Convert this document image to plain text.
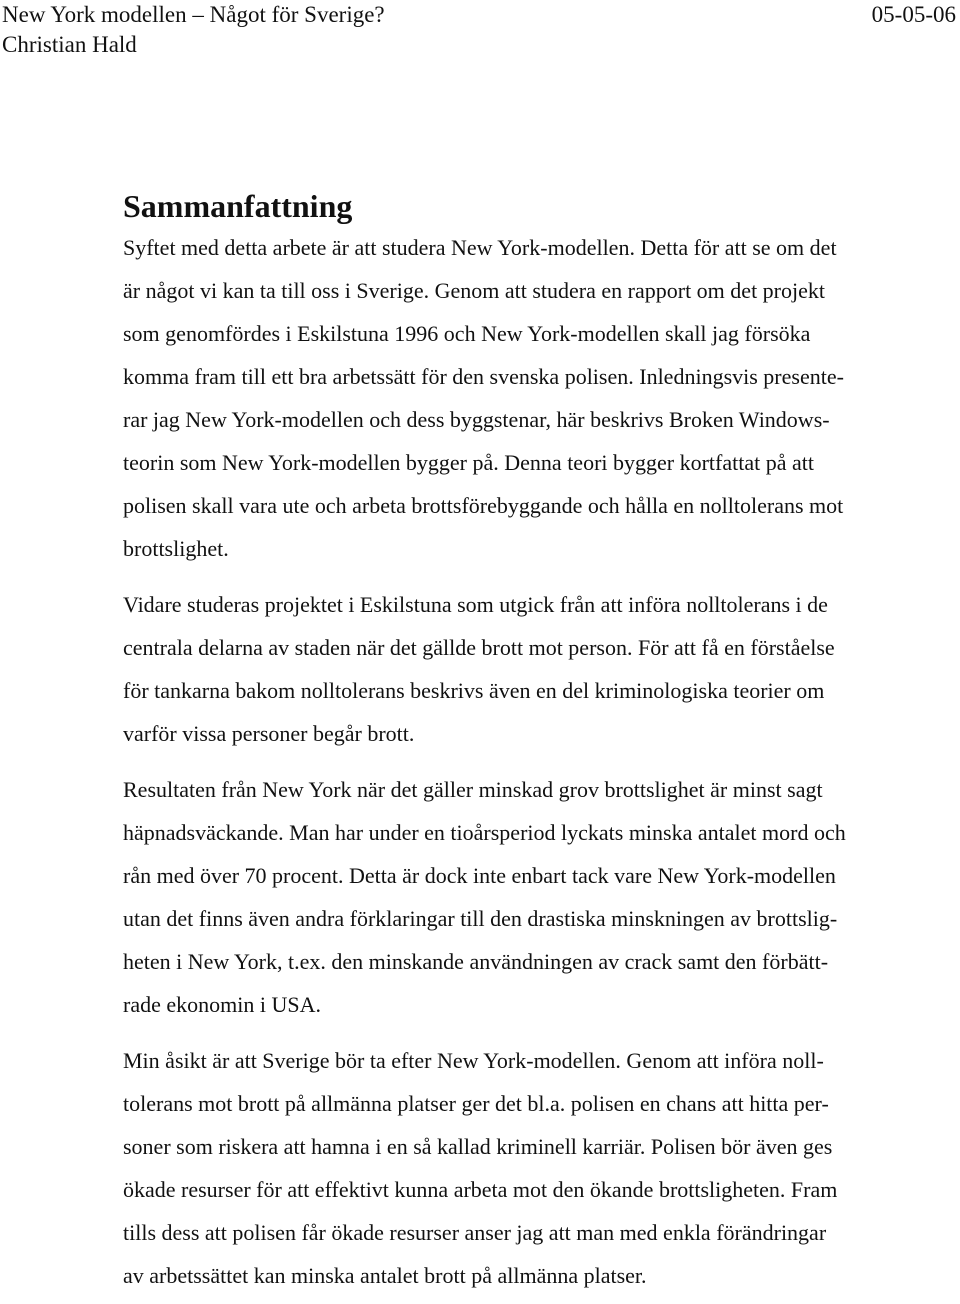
New York modellen – Något för Sverige?	05-05-06
Christian Hald
Sammanfattning

Syftet med detta arbete är att studera New York-modellen. Detta för att se om det
är något vi kan ta till oss i Sverige. Genom att studera en rapport om det projekt
som genomfördes i Eskilstuna 1996 och New York-modellen skall jag försöka
komma fram till ett bra arbetssätt för den svenska polisen. Inledningsvis presente-
rar jag New York-modellen och dess byggstenar, här beskrivs Broken Windows-
teorin som New York-modellen bygger på. Denna teori bygger kortfattat på att
polisen skall vara ute och arbeta brottsförebyggande och hålla en nolltolerans mot
brottslighet.

Vidare studeras projektet i Eskilstuna som utgick från att införa nolltolerans i de
centrala delarna av staden när det gällde brott mot person. För att få en förståelse
för tankarna bakom nolltolerans beskrivs även en del kriminologiska teorier om
varför vissa personer begår brott.

Resultaten från New York när det gäller minskad grov brottslighet är minst sagt
häpnadsväckande. Man har under en tioårsperiod lyckats minska antalet mord och
rån med över 70 procent. Detta är dock inte enbart tack vare New York-modellen
utan det finns även andra förklaringar till den drastiska minskningen av brottslig-
heten i New York, t.ex. den minskande användningen av crack samt den förbätt-
rade ekonomin i USA.

Min åsikt är att Sverige bör ta efter New York-modellen. Genom att införa noll-
tolerans mot brott på allmänna platser ger det bl.a. polisen en chans att hitta per-
soner som riskera att hamna i en så kallad kriminell karriär. Polisen bör även ges
ökade resurser för att effektivt kunna arbeta mot den ökande brottsligheten. Fram
tills dess att polisen får ökade resurser anser jag att man med enkla förändringar
av arbetssättet kan minska antalet brott på allmänna platser.
